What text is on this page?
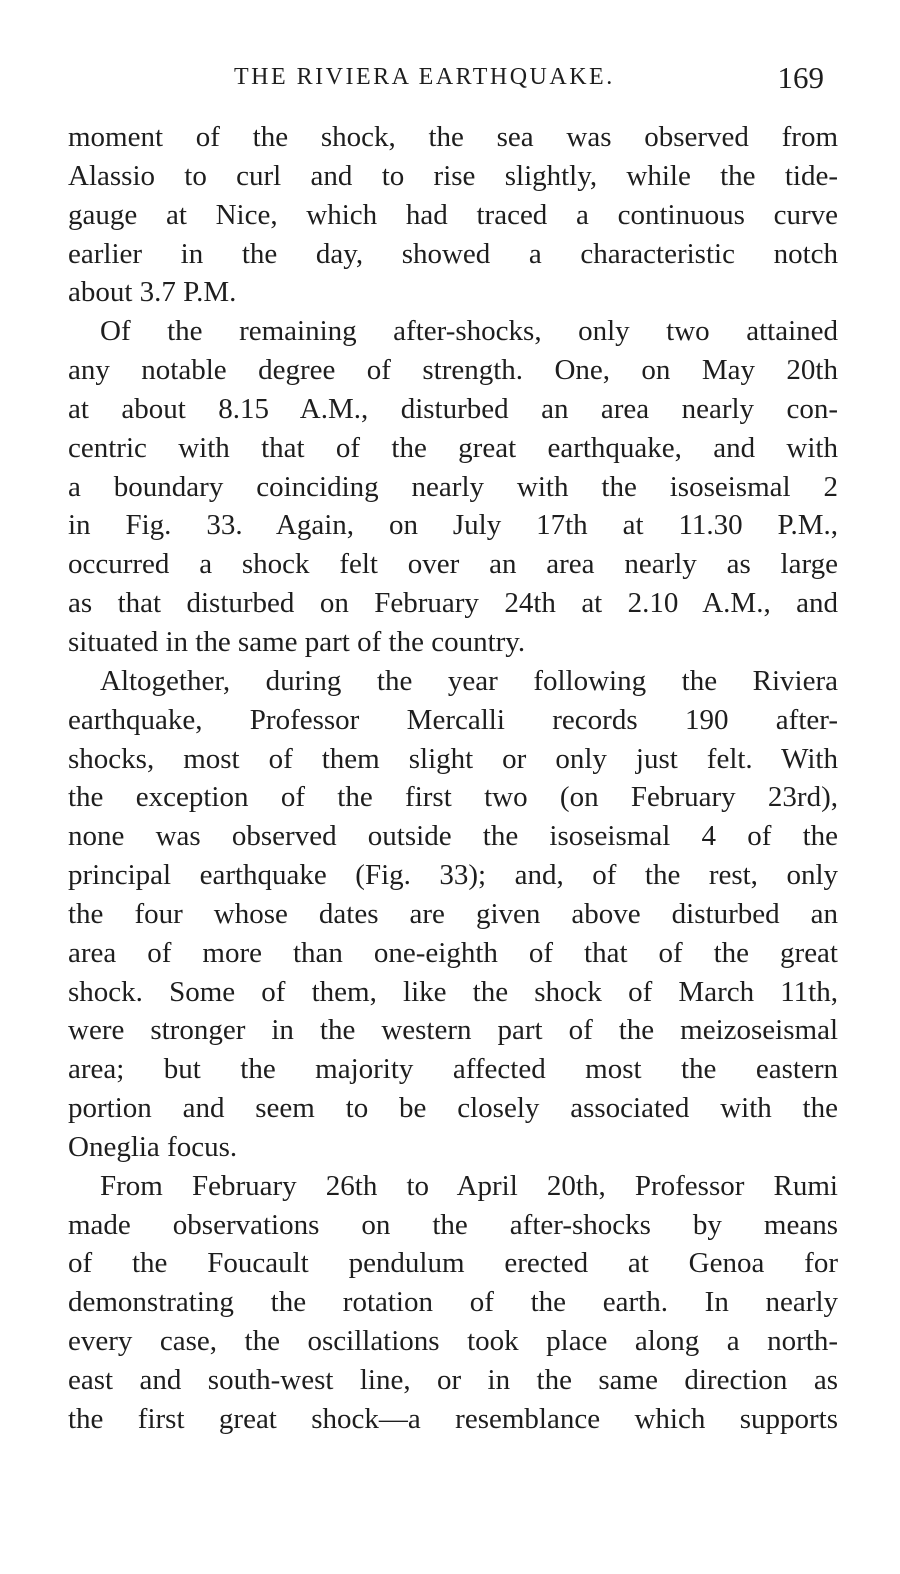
THE RIVIERA EARTHQUAKE.	169

moment of the shock, the sea was observed from
Alassio to curl and to rise slightly, while the tide-
gauge at Nice, which had traced a continuous curve
earlier in the day, showed a characteristic notch
about 3.7 P.M.

Of the remaining after-shocks, only two attained
any notable degree of strength. One, on May 20th
at about 8.15 A.M., disturbed an area nearly con-
centric with that of the great earthquake, and with
a boundary coinciding nearly with the isoseismal 2
in Fig. 33. Again, on July 17th at 11.30 P.M.,
occurred a shock felt over an area nearly as large
as that disturbed on February 24th at 2.10 A.M., and
situated in the same part of the country.

Altogether, during the year following the Riviera
earthquake, Professor Mercalli records 190 after-
shocks, most of them slight or only just felt. With
the exception of the first two (on February 23rd),
none was observed outside the isoseismal 4 of the
principal earthquake (Fig. 33); and, of the rest, only
the four whose dates are given above disturbed an
area of more than one-eighth of that of the great
shock. Some of them, like the shock of March 11th,
were stronger in the western part of the meizoseismal
area; but the majority affected most the eastern
portion and seem to be closely associated with the
Oneglia focus.

From February 26th to April 20th, Professor Rumi
made observations on the after-shocks by means
of the Foucault pendulum erected at Genoa for
demonstrating the rotation of the earth. In nearly
every case, the oscillations took place along a north-
east and south-west line, or in the same direction as
the first great shock—a resemblance which supports
